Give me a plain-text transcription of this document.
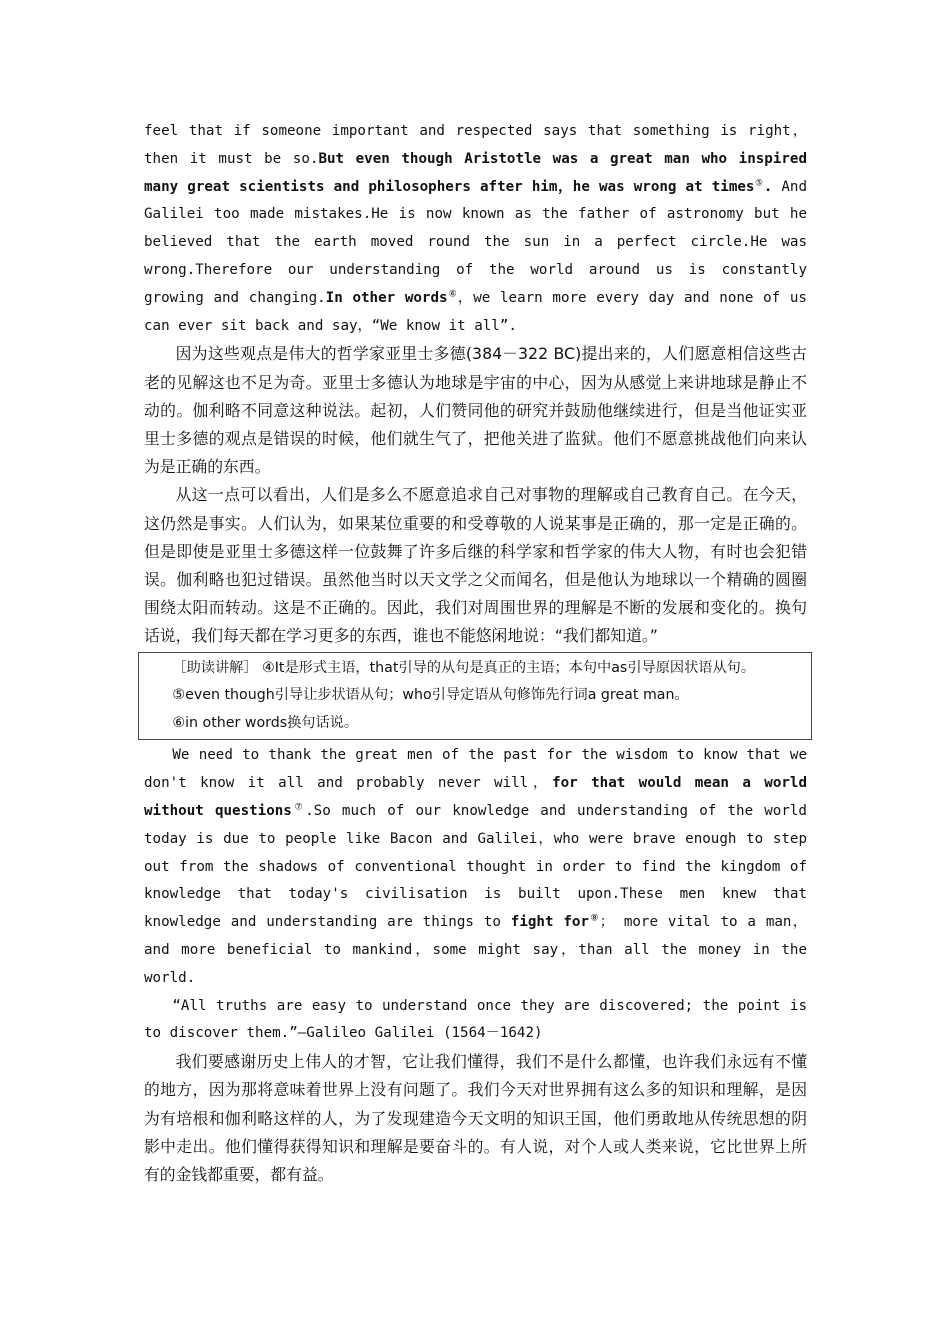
feel that if someone important and respected says that something is right，then it must be so.But even though Aristotle was a great man who inspired many great scientists and philosophers after him，he was wrong at times⑤. And Galilei too made mistakes.He is now known as the father of astronomy but he believed that the earth moved round the sun in a perfect circle.He was wrong.Therefore our understanding of the world around us is constantly growing and changing.In other words⑥，we learn more every day and none of us can ever sit back and say，“We know it all”.

因为这些观点是伟大的哲学家亚里士多德(384－322 BC)提出来的，人们愿意相信这些古老的见解这也不足为奇。亚里士多德认为地球是宇宙的中心，因为从感觉上来讲地球是静止不动的。伽利略不同意这种说法。起初，人们赞同他的研究并鼓励他继续进行，但是当他证实亚里士多德的观点是错误的时候，他们就生气了，把他关进了监狱。他们不愿意挑战他们向来认为是正确的东西。

从这一点可以看出，人们是多么不愿意追求自己对事物的理解或自己教育自己。在今天，这仍然是事实。人们认为，如果某位重要的和受尊敬的人说某事是正确的，那一定是正确的。但是即使是亚里士多德这样一位鼓舞了许多后继的科学家和哲学家的伟大人物，有时也会犯错误。伽利略也犯过错误。虽然他当时以天文学之父而闻名，但是他认为地球以一个精确的圆圈围绕太阳而转动。这是不正确的。因此，我们对周围世界的理解是不断的发展和变化的。换句话说，我们每天都在学习更多的东西，谁也不能悠闲地说：“我们都知道。”

［助读讲解］ ④It是形式主语，that引导的从句是真正的主语；本句中as引导原因状语从句。

⑤even though引导让步状语从句；who引导定语从句修饰先行词a great man。

⑥in other words换句话说。

We need to thank the great men of the past for the wisdom to know that we don't know it all and probably never will，for that would mean a world without questions⑦.So much of our knowledge and understanding of the world today is due to people like Bacon and Galilei，who were brave enough to step out from the shadows of conventional thought in order to find the kingdom of knowledge that today's civilisation is built upon.These men knew that knowledge and understanding are things to fight for⑧； more vital to a man，and more beneficial to mankind，some might say，than all the money in the world.

“All truths are easy to understand once they are discovered; the point is to discover them.”—Galileo Galilei (1564－1642)

我们要感谢历史上伟人的才智，它让我们懂得，我们不是什么都懂，也许我们永远有不懂的地方，因为那将意味着世界上没有问题了。我们今天对世界拥有这么多的知识和理解，是因为有培根和伽利略这样的人，为了发现建造今天文明的知识王国，他们勇敢地从传统思想的阴影中走出。他们懂得获得知识和理解是要奋斗的。有人说，对个人或人类来说，它比世界上所有的金钱都重要，都有益。
